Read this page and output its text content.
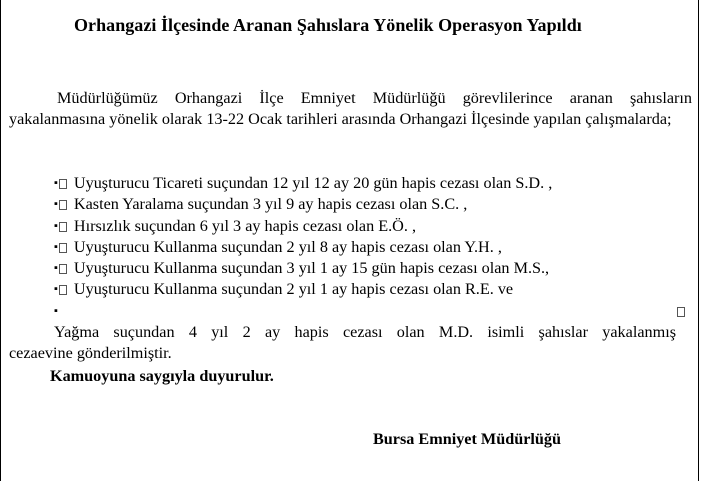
Orhangazi İlçesinde Aranan Şahıslara Yönelik Operasyon Yapıldı

Müdürlüğümüz Orhangazi İlçe Emniyet Müdürlüğü görevlilerince aranan şahısların yakalanmasına yönelik olarak 13-22 Ocak tarihleri arasında Orhangazi İlçesinde yapılan çalışmalarda;

▪ Uyuşturucu Ticareti suçundan 12 yıl 12 ay 20 gün hapis cezası olan S.D. ,
▪ Kasten Yaralama suçundan 3 yıl 9 ay hapis cezası olan S.C. ,
▪ Hırsızlık suçundan 6 yıl 3 ay hapis cezası olan E.Ö. ,
▪ Uyuşturucu Kullanma suçundan 2 yıl 8 ay hapis cezası olan Y.H. ,
▪ Uyuşturucu Kullanma suçundan 3 yıl 1 ay 15 gün hapis cezası olan M.S.,
▪ Uyuşturucu Kullanma suçundan 2 yıl 1 ay hapis cezası olan R.E. ve
▪Yağma suçundan 4 yıl 2 ay hapis cezası olan M.D. isimli şahıslar yakalanmış
cezaevine gönderilmiştir.
Kamuoyuna saygıyla duyurulur.
Bursa Emniyet Müdürlüğü
